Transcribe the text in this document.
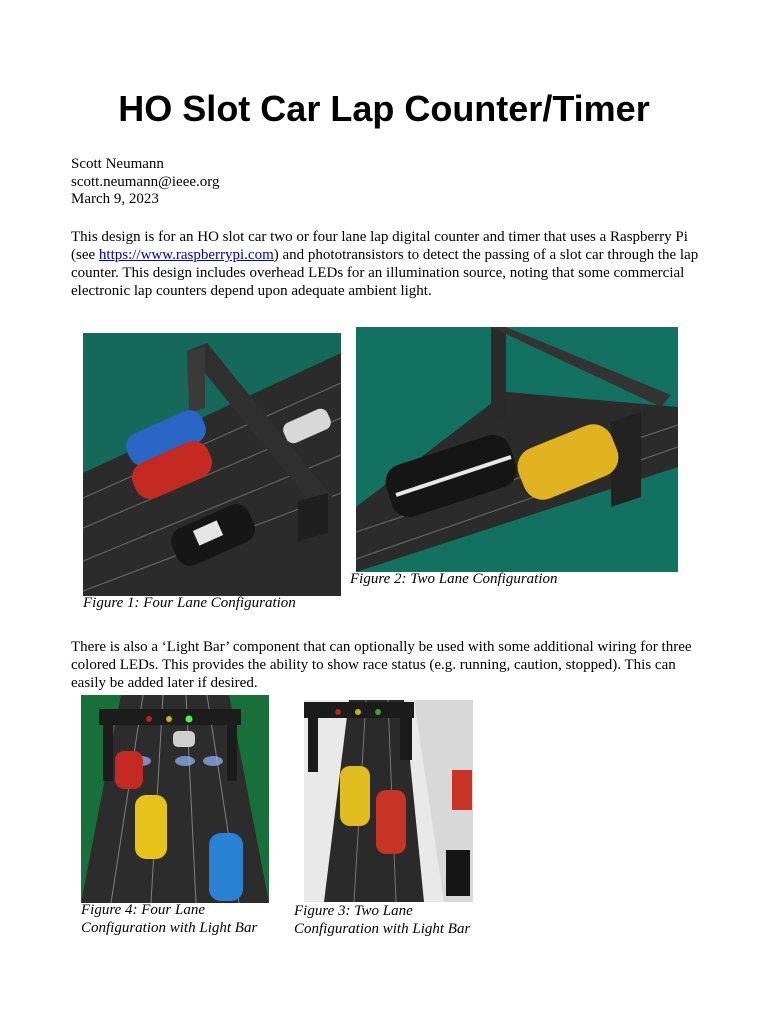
HO Slot Car Lap Counter/Timer
Scott Neumann
scott.neumann@ieee.org
March 9, 2023

This design is for an HO slot car two or four lane lap digital counter and timer that uses a Raspberry Pi (see https://www.raspberrypi.com) and phototransistors to detect the passing of a slot car through the lap counter. This design includes overhead LEDs for an illumination source, noting that some commercial electronic lap counters depend upon adequate ambient light.

Figure 1: Four Lane Configuration
Figure 2: Two Lane Configuration

There is also a ‘Light Bar’ component that can optionally be used with some additional wiring for three colored LEDs. This provides the ability to show race status (e.g. running, caution, stopped). This can easily be added later if desired.

Figure 4: Four Lane Configuration with Light Bar
Figure 3: Two Lane Configuration with Light Bar
